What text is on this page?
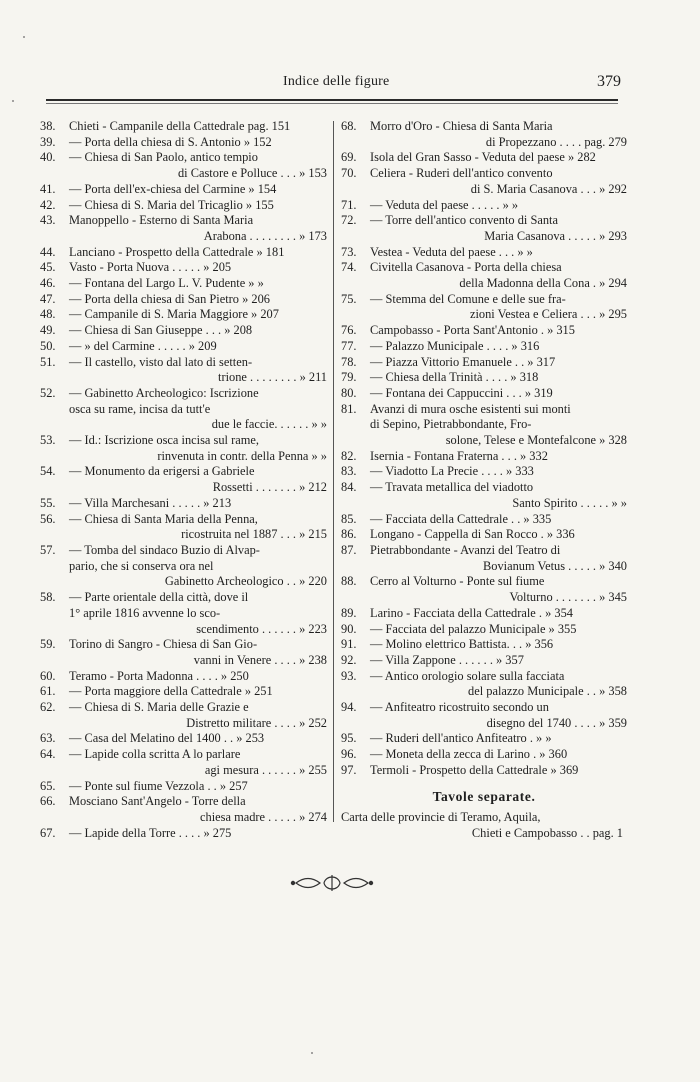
Indice delle figure	379
38.	Chieti - Campanile della Cattedrale pag. 151
39.	— Porta della chiesa di S. Antonio » 152
40.	— Chiesa di San Paolo, antico tempio
di Castore e Polluce . . . » 153
41.	— Porta dell'ex-chiesa del Carmine » 154
42.	— Chiesa di S. Maria del Tricaglio » 155
43.	Manoppello - Esterno di Santa Maria
Arabona . . . . . . . . » 173
44.	Lanciano - Prospetto della Cattedrale » 181
45.	Vasto - Porta Nuova . . . . . » 205
46.	— Fontana del Largo L. V. Pudente » »
47.	— Porta della chiesa di San Pietro » 206
48.	— Campanile di S. Maria Maggiore » 207
49.	— Chiesa di San Giuseppe . . . » 208
50.	— » del Carmine . . . . . » 209
51.	— Il castello, visto dal lato di setten-
trione . . . . . . . . » 211
52.	— Gabinetto Archeologico: Iscrizione
osca su rame, incisa da tutt'e
due le faccie. . . . . . » »
53.	— Id.: Iscrizione osca incisa sul rame,
rinvenuta in contr. della Penna » »
54.	— Monumento da erigersi a Gabriele
Rossetti . . . . . . . » 212
55.	— Villa Marchesani . . . . . » 213
56.	— Chiesa di Santa Maria della Penna,
ricostruita nel 1887 . . . » 215
57.	— Tomba del sindaco Buzio di Alvap-
pario, che si conserva ora nel
Gabinetto Archeologico . . » 220
58.	— Parte orientale della città, dove il
1° aprile 1816 avvenne lo sco-
scendimento . . . . . . » 223
59.	Torino di Sangro - Chiesa di San Gio-
vanni in Venere . . . . » 238
60.	Teramo - Porta Madonna . . . . » 250
61.	— Porta maggiore della Cattedrale » 251
62.	— Chiesa di S. Maria delle Grazie e
Distretto militare . . . . » 252
63.	— Casa del Melatino del 1400 . . » 253
64.	— Lapide colla scritta A lo parlare
agi mesura . . . . . . » 255
65.	— Ponte sul fiume Vezzola . . » 257
66.	Mosciano Sant'Angelo - Torre della
chiesa madre . . . . . » 274
67.	— Lapide della Torre . . . . » 275
68.	Morro d'Oro - Chiesa di Santa Maria
di Propezzano . . . . pag. 279
69.	Isola del Gran Sasso - Veduta del paese » 282
70.	Celiera - Ruderi dell'antico convento
di S. Maria Casanova . . . » 292
71.	— Veduta del paese . . . . . » »
72.	— Torre dell'antico convento di Santa
Maria Casanova . . . . . » 293
73.	Vestea - Veduta del paese . . . » »
74.	Civitella Casanova - Porta della chiesa
della Madonna della Cona . » 294
75.	— Stemma del Comune e delle sue fra-
zioni Vestea e Celiera . . . » 295
76.	Campobasso - Porta Sant'Antonio . » 315
77.	— Palazzo Municipale . . . . » 316
78.	— Piazza Vittorio Emanuele . . » 317
79.	— Chiesa della Trinità . . . . » 318
80.	— Fontana dei Cappuccini . . . » 319
81.	Avanzi di mura osche esistenti sui monti
di Sepino, Pietrabbondante, Fro-
solone, Telese e Montefalcone » 328
82.	Isernia - Fontana Fraterna . . . » 332
83.	— Viadotto La Precie . . . . » 333
84.	— Travata metallica del viadotto
Santo Spirito . . . . . » »
85.	— Facciata della Cattedrale . . » 335
86.	Longano - Cappella di San Rocco . » 336
87.	Pietrabbondante - Avanzi del Teatro di
Bovianum Vetus . . . . . » 340
88.	Cerro al Volturno - Ponte sul fiume
Volturno . . . . . . . » 345
89.	Larino - Facciata della Cattedrale . » 354
90.	— Facciata del palazzo Municipale » 355
91.	— Molino elettrico Battista. . . » 356
92.	— Villa Zappone . . . . . . » 357
93.	— Antico orologio solare sulla facciata
del palazzo Municipale . . » 358
94.	— Anfiteatro ricostruito secondo un
disegno del 1740 . . . . » 359
95.	— Ruderi dell'antico Anfiteatro . » »
96.	— Moneta della zecca di Larino . » 360
97.	Termoli - Prospetto della Cattedrale » 369
Tavole separate.
Carta delle provincie di Teramo, Aquila,
Chieti e Campobasso . . pag. 1
